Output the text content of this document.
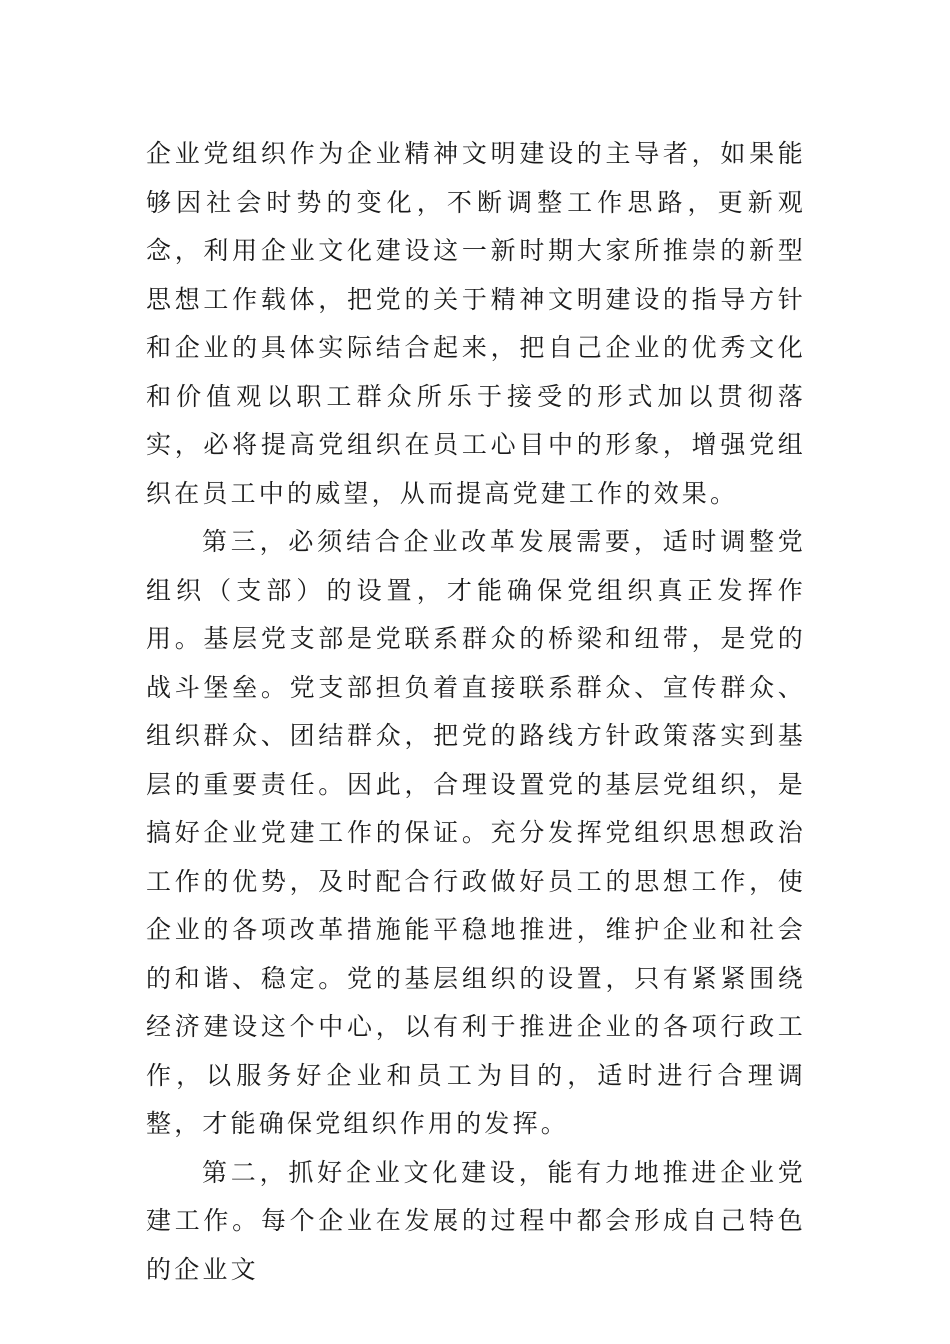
企业党组织作为企业精神文明建设的主导者，如果能够因社会时势的变化，不断调整工作思路，更新观念，利用企业文化建设这一新时期大家所推崇的新型思想工作载体，把党的关于精神文明建设的指导方针和企业的具体实际结合起来，把自己企业的优秀文化和价值观以职工群众所乐于接受的形式加以贯彻落实，必将提高党组织在员工心目中的形象，增强党组织在员工中的威望，从而提高党建工作的效果。

第三，必须结合企业改革发展需要，适时调整党组织（支部）的设置，才能确保党组织真正发挥作用。基层党支部是党联系群众的桥梁和纽带，是党的战斗堡垒。党支部担负着直接联系群众、宣传群众、组织群众、团结群众，把党的路线方针政策落实到基层的重要责任。因此，合理设置党的基层党组织，是搞好企业党建工作的保证。充分发挥党组织思想政治工作的优势，及时配合行政做好员工的思想工作，使企业的各项改革措施能平稳地推进，维护企业和社会的和谐、稳定。党的基层组织的设置，只有紧紧围绕经济建设这个中心，以有利于推进企业的各项行政工作，以服务好企业和员工为目的，适时进行合理调整，才能确保党组织作用的发挥。

第二，抓好企业文化建设，能有力地推进企业党建工作。每个企业在发展的过程中都会形成自己特色的企业文
